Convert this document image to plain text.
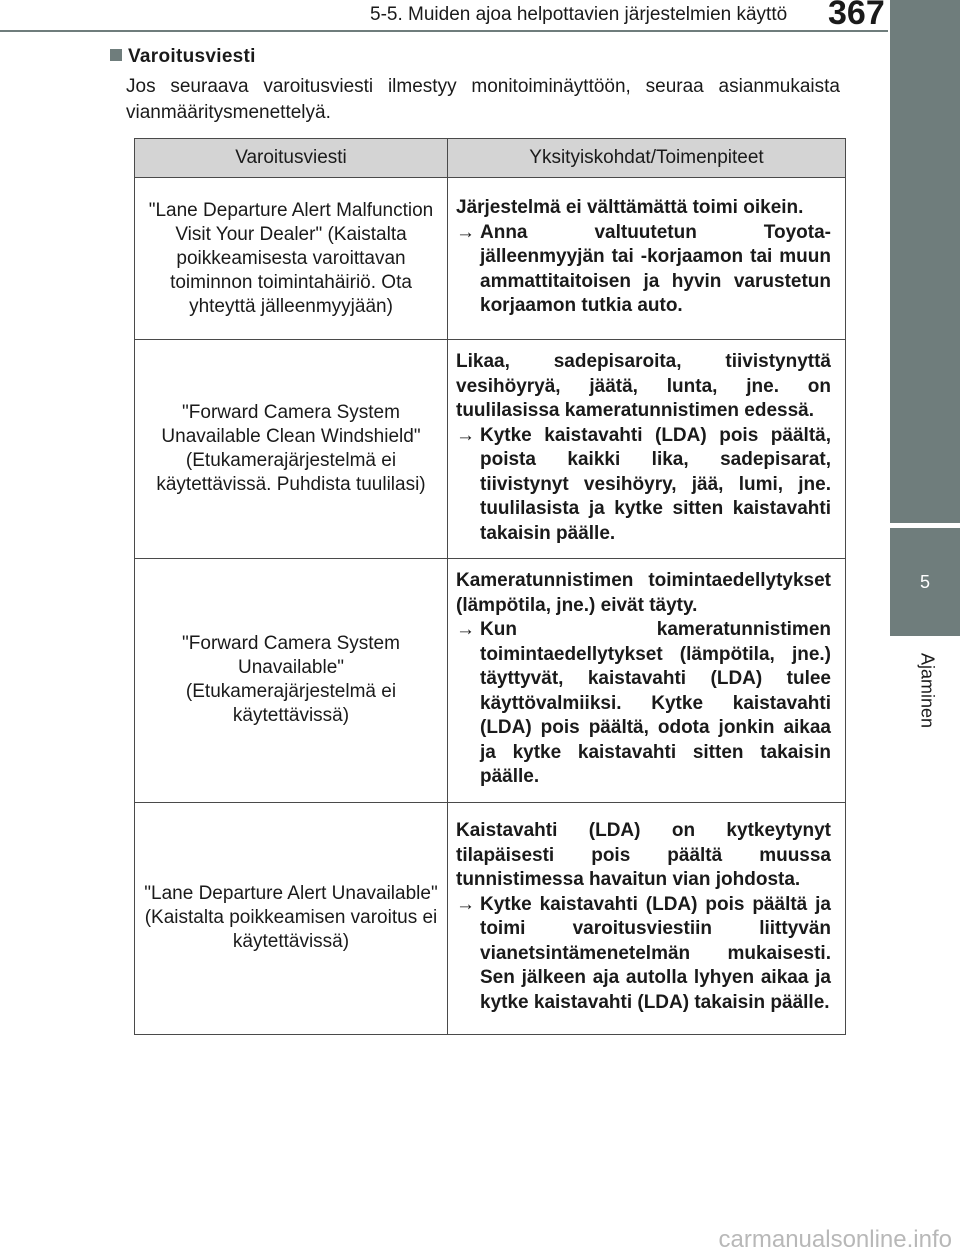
5-5. Muiden ajoa helpottavien järjestelmien käyttö	367
5
Ajaminen
Varoitusviesti
Jos seuraava varoitusviesti ilmestyy monitoiminäyttöön, seuraa asianmukaista vianmääritysmenettelyä.
Varoitusviesti	Yksityiskohdat/Toimenpiteet
"Lane Departure Alert Malfunction Visit Your Dealer" (Kaistalta poikkeamisesta varoittavan toiminnon toimintahäiriö. Ota yhteyttä jälleenmyyjään)	Järjestelmä ei välttämättä toimi oikein.
→ Anna valtuutetun Toyota-jälleenmyyjän tai -korjaamon tai muun ammattitaitoisen ja hyvin varustetun korjaamon tutkia auto.

"Forward Camera System Unavailable Clean Windshield" (Etukamerajärjestelmä ei käytettävissä. Puhdista tuulilasi)	Likaa, sadepisaroita, tiivistynyttä vesihöyryä, jäätä, lunta, jne. on tuulilasissa kameratunnistimen edessä.
→ Kytke kaistavahti (LDA) pois päältä, poista kaikki lika, sadepisarat, tiivistynyt vesihöyry, jää, lumi, jne. tuulilasista ja kytke sitten kaistavahti takaisin päälle.

"Forward Camera System Unavailable" (Etukamerajärjestelmä ei käytettävissä)	Kameratunnistimen toimintaedellytykset (lämpötila, jne.) eivät täyty.
→ Kun kameratunnistimen toimintaedellytykset (lämpötila, jne.) täyttyvät, kaistavahti (LDA) tulee käyttövalmiiksi. Kytke kaistavahti (LDA) pois päältä, odota jonkin aikaa ja kytke kaistavahti sitten takaisin päälle.

"Lane Departure Alert Unavailable" (Kaistalta poikkeamisen varoitus ei käytettävissä)	Kaistavahti (LDA) on kytkeytynyt tilapäisesti pois päältä muussa tunnistimessa havaitun vian johdosta.
→ Kytke kaistavahti (LDA) pois päältä ja toimi varoitusviestiin liittyvän vianetsintämenetelmän mukaisesti. Sen jälkeen aja autolla lyhyen aikaa ja kytke kaistavahti (LDA) takaisin päälle.
carmanualsonline.info
